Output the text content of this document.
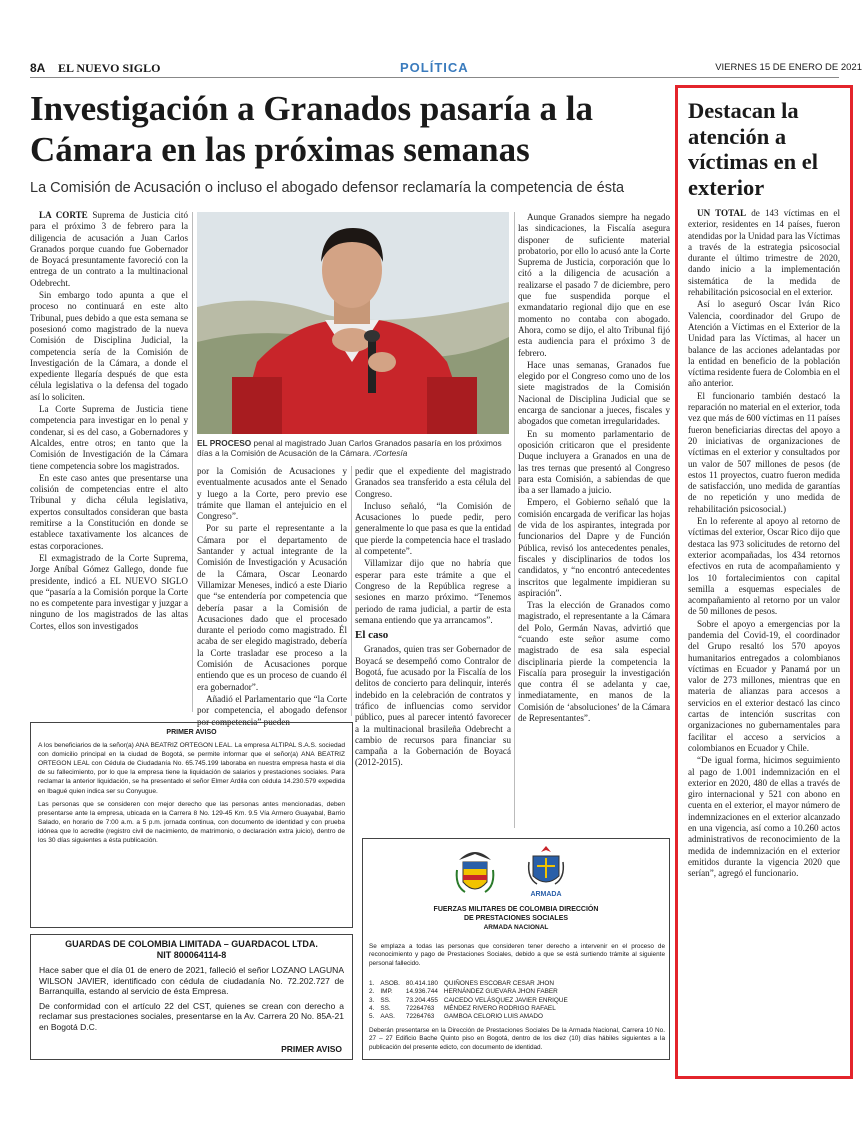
8A EL NUEVO SIGLO	POLÍTICA	VIERNES 15 DE ENERO DE 2021
Investigación a Granados pasaría a la Cámara en las próximas semanas
La Comisión de Acusación o incluso el abogado defensor reclamaría la competencia de ésta

LA CORTE Suprema de Justicia citó para el próximo 3 de febrero para la diligencia de acusación a Juan Carlos Granados porque cuando fue Gobernador de Boyacá presuntamente favoreció con la entrega de un contrato a la multinacional Odebrecht.

Sin embargo todo apunta a que el proceso no continuará en este alto Tribunal, pues debido a que esta semana se posesionó como magistrado de la nueva Comisión de Disciplina Judicial, la competencia sería de la Comisión de Investigación de la Cámara, a donde el expediente llegaría después de que esta célula legislativa o la defensa del togado así lo soliciten.

La Corte Suprema de Justicia tiene competencia para investigar en lo penal y condenar, si es del caso, a Gobernadores y Alcaldes, entre otros; en tanto que la Comisión de Investigación de la Cámara tiene competencia sobre los magistrados.

En este caso antes que presentarse una colisión de competencias entre el alto Tribunal y dicha célula legislativa, expertos consultados consideran que basta remitirse a la Constitución en donde se establece taxativamente los alcances de estas corporaciones.

El exmagistrado de la Corte Suprema, Jorge Aníbal Gómez Gallego, donde fue presidente, indicó a EL NUEVO SIGLO que “pasaría a la Comisión porque la Corte no es competente para investigar y juzgar a ninguno de los magistrados de las altas Cortes, ellos son investigados

EL PROCESO penal al magistrado Juan Carlos Granados pasaría en los próximos días a la Comisión de Acusación de la Cámara. /Cortesía

por la Comisión de Acusaciones y eventualmente acusados ante el Senado y luego a la Corte, pero previo ese trámite que llaman el antejuicio en el Congreso”.

Por su parte el representante a la Cámara por el departamento de Santander y actual integrante de la Comisión de Investigación y Acusación de la Cámara, Oscar Leonardo Villamizar Meneses, indicó a este Diario que “se entendería por competencia que debería pasar a la Comisión de Acusaciones dado que el procesado durante el periodo como magistrado. Él acaba de ser elegido magistrado, debería la Corte trasladar ese proceso a la Comisión de Acusaciones porque entiendo que es un proceso de cuando él era gobernador”.

Añadió el Parlamentario que “la Corte por competencia, el abogado defensor por competencia” pueden

pedir que el expediente del magistrado Granados sea transferido a esta célula del Congreso.

Incluso señaló, “la Comisión de Acusaciones lo puede pedir, pero generalmente lo que pasa es que la entidad que pierde la competencia hace el traslado al competente”.

Villamizar dijo que no habría que esperar para este trámite a que el Congreso de la República regrese a sesiones en marzo próximo. “Tenemos periodo de rama judicial, a partir de esta semana entiendo que ya arrancamos”.

El caso

Granados, quien tras ser Gobernador de Boyacá se desempeñó como Contralor de Bogotá, fue acusado por la Fiscalía de los delitos de concierto para delinquir, interés indebido en la celebración de contratos y tráfico de influencias como servidor público, pues al parecer intentó favorecer a la multinacional brasileña Odebrecht a cambio de recursos para financiar su campaña a la Gobernación de Boyacá (2012-2015).

Aunque Granados siempre ha negado las sindicaciones, la Fiscalía asegura disponer de suficiente material probatorio, por ello lo acusó ante la Corte Suprema de Justicia, corporación que lo citó a la diligencia de acusación a realizarse el pasado 7 de diciembre, pero que fue suspendida porque el exmandatario regional dijo que en ese momento no contaba con abogado. Ahora, como se dijo, el alto Tribunal fijó esta audiencia para el próximo 3 de febrero.

Hace unas semanas, Granados fue elegido por el Congreso como uno de los siete magistrados de la Comisión Nacional de Disciplina Judicial que se encarga de sancionar a jueces, fiscales y abogados que cometan irregularidades.

En su momento parlamentario de oposición criticaron que el presidente Duque incluyera a Granados en una de las tres ternas que presentó al Congreso para esta Comisión, a sabiendas de que iba a ser llamado a juicio.

Empero, el Gobierno señaló que la comisión encargada de verificar las hojas de vida de los aspirantes, integrada por funcionarios del Dapre y de Función Pública, revisó los antecedentes penales, fiscales y disciplinarios de todos los candidatos, y “no encontró antecedentes inscritos que legalmente impidieran su aspiración”.

Tras la elección de Granados como magistrado, el representante a la Cámara del Polo, Germán Navas, advirtió que “cuando este señor asume como magistrado de esa sala especial disciplinaria pierde la competencia la Fiscalía para proseguir la investigación que contra él se adelanta y cae, inmediatamente, en manos de la Comisión de ‘absoluciones’ de la Cámara de Representantes”.

PRIMER AVISO

A los beneficiarios de la señor(a) ANA BEATRIZ ORTEGON LEAL. La empresa ALTIPAL S.A.S. sociedad con domicilio principal en la ciudad de Bogotá, se permite informar que el señor(a) ANA BEATRIZ ORTEGON LEAL con Cédula de Ciudadanía No. 65.745.199 laboraba en nuestra empresa hasta el día de su fallecimiento, por lo que la empresa tiene la liquidación de salarios y prestaciones sociales. Para reclamar la anterior liquidación, se ha presentado el señor Elmer Ardila con cédula 14.230.579 expedida en Ibagué quien indica ser su Conyugue.

Las personas que se consideren con mejor derecho que las personas antes mencionadas, deben presentarse ante la empresa, ubicada en la Carrera 8 No. 129-45 Km. 9.5 Vía Armero Guayabal, Barrio Salado, en horario de 7:00 a.m. a 5 p.m. jornada continua, con documento de identidad y con prueba idónea que lo acredite (registro civil de nacimiento, de matrimonio, o declaración extra juicio), dentro de los 30 días siguientes a ésta publicación.

GUARDAS DE COLOMBIA LIMITADA – GUARDACOL LTDA.
NIT 800064114-8

Hace saber que el día 01 de enero de 2021, falleció el señor LOZANO LAGUNA WILSON JAVIER, identificado con cédula de ciudadanía No. 72.202.727 de Barranquilla, estando al servicio de ésta Empresa.

De conformidad con el artículo 22 del CST, quienes se crean con derecho a reclamar sus prestaciones sociales, presentarse en la Av. Carrera 20 No. 85A-21 en Bogotá D.C.

PRIMER AVISO
FUERZAS MILITARES DE COLOMBIA DIRECCIÓN
DE PRESTACIONES SOCIALES
ARMADA NACIONAL
Se emplaza a todas las personas que consideren tener derecho a intervenir en el proceso de reconocimiento y pago de Prestaciones Sociales, debido a que se está surtiendo trámite al siguiente personal fallecido.
1.	ASOB.	80.414.180	QUIÑONES ESCOBAR CESAR JHON
2.	IMP.	14.936.744	HERNÁNDEZ GUEVARA JHON FABER
3.	SS.	73.204.455	CAICEDO VELÁSQUEZ JAVIER ENRIQUE
4.	SS.	72264763	MÉNDEZ RIVERO RODRIGO RAFAEL
5.	AAS.	72264763	GAMBOA CELORIO LUIS AMADO
Deberán presentarse en la Dirección de Prestaciones Sociales De la Armada Nacional, Carrera 10 No. 27 – 27 Edificio Bache Quinto piso en Bogotá, dentro de los diez (10) días hábiles siguientes a la publicación del presente edicto, con documento de identidad.
ARMADA
Destacan la atención a víctimas en el exterior

UN TOTAL de 143 víctimas en el exterior, residentes en 14 países, fueron atendidas por la Unidad para las Víctimas a través de la estrategia psicosocial durante el último trimestre de 2020, dando inicio a la implementación sistemática de la medida de rehabilitación psicosocial en el exterior.

Así lo aseguró Oscar Iván Rico Valencia, coordinador del Grupo de Atención a Víctimas en el Exterior de la Unidad para las Víctimas, al hacer un balance de las acciones adelantadas por la entidad en beneficio de la población víctima residente fuera de Colombia en el año anterior.

El funcionario también destacó la reparación no material en el exterior, toda vez que más de 600 víctimas en 11 países fueron beneficiarias directas del apoyo a 20 iniciativas de organizaciones de víctimas en el exterior y consultados por un valor de 507 millones de pesos (de estos 11 proyectos, cuatro fueron medida de satisfacción, uno medida de garantías de no repetición y uno medida de rehabilitación psicosocial.)

En lo referente al apoyo al retorno de víctimas del exterior, Oscar Rico dijo que destaca las 973 solicitudes de retorno del exterior acompañadas, los 434 retornos efectivos en ruta de acompañamiento y los 10 fortalecimientos con capital semilla a esquemas especiales de acompañamiento al retorno por un valor de 50 millones de pesos.

Sobre el apoyo a emergencias por la pandemia del Covid-19, el coordinador del Grupo resaltó los 570 apoyos humanitarios entregados a colombianos víctimas en Ecuador y Panamá por un valor de 273 millones, mientras que en materia de alianzas para accesos a servicios en el exterior destacó las cinco cartas de intención suscritas con organizaciones no gubernamentales para facilitar el acceso a servicios a colombianos en Ecuador y Chile.

“De igual forma, hicimos seguimiento al pago de 1.001 indemnización en el exterior en 2020, 480 de ellas a través de giro internacional y 521 con abono en cuenta en el exterior, el mayor número de indemnizaciones en el exterior alcanzado en una vigencia, así como a 10.260 actos administrativos de reconocimiento de la medida de indemnización en el exterior emitidos durante la vigencia 2020 que serían”, agregó el funcionario.
